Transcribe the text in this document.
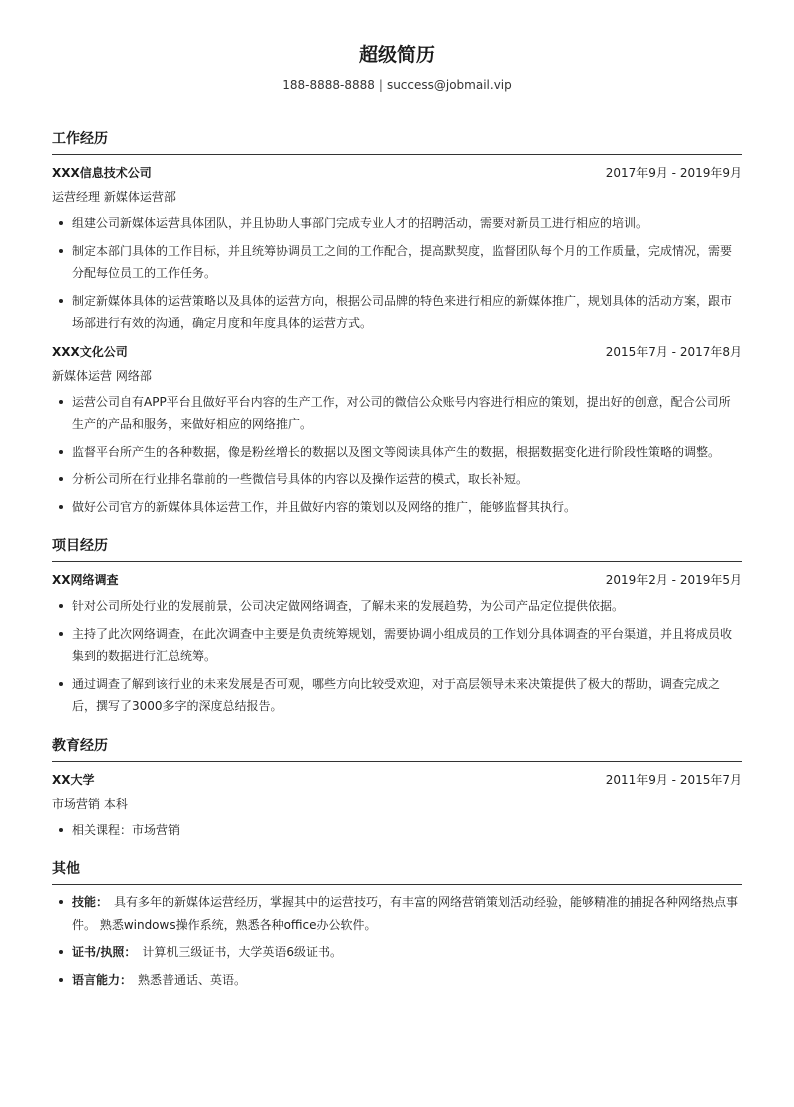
超级简历
188-8888-8888 | success@jobmail.vip
工作经历
XXX信息技术公司	2017年9月 - 2019年9月
运营经理 新媒体运营部
组建公司新媒体运营具体团队，并且协助人事部门完成专业人才的招聘活动，需要对新员工进行相应的培训。
制定本部门具体的工作目标，并且统筹协调员工之间的工作配合，提高默契度，监督团队每个月的工作质量，完成情况，需要分配每位员工的工作任务。
制定新媒体具体的运营策略以及具体的运营方向，根据公司品牌的特色来进行相应的新媒体推广，规划具体的活动方案，跟市场部进行有效的沟通，确定月度和年度具体的运营方式。
XXX文化公司	2015年7月 - 2017年8月
新媒体运营 网络部
运营公司自有APP平台且做好平台内容的生产工作，对公司的微信公众账号内容进行相应的策划，提出好的创意，配合公司所生产的产品和服务，来做好相应的网络推广。
监督平台所产生的各种数据，像是粉丝增长的数据以及图文等阅读具体产生的数据，根据数据变化进行阶段性策略的调整。
分析公司所在行业排名靠前的一些微信号具体的内容以及操作运营的模式，取长补短。
做好公司官方的新媒体具体运营工作，并且做好内容的策划以及网络的推广，能够监督其执行。
项目经历
XX网络调查	2019年2月 - 2019年5月
针对公司所处行业的发展前景，公司决定做网络调查，了解未来的发展趋势，为公司产品定位提供依据。
主持了此次网络调查，在此次调查中主要是负责统筹规划，需要协调小组成员的工作划分具体调查的平台渠道，并且将成员收集到的数据进行汇总统筹。
通过调查了解到该行业的未来发展是否可观，哪些方向比较受欢迎，对于高层领导未来决策提供了极大的帮助，调查完成之后，撰写了3000多字的深度总结报告。
教育经历
XX大学	2011年9月 - 2015年7月
市场营销 本科
相关课程：市场营销
其他
技能： 具有多年的新媒体运营经历，掌握其中的运营技巧，有丰富的网络营销策划活动经验，能够精准的捕捉各种网络热点事件。 熟悉windows操作系统，熟悉各种office办公软件。
证书/执照： 计算机三级证书，大学英语6级证书。
语言能力： 熟悉普通话、英语。
